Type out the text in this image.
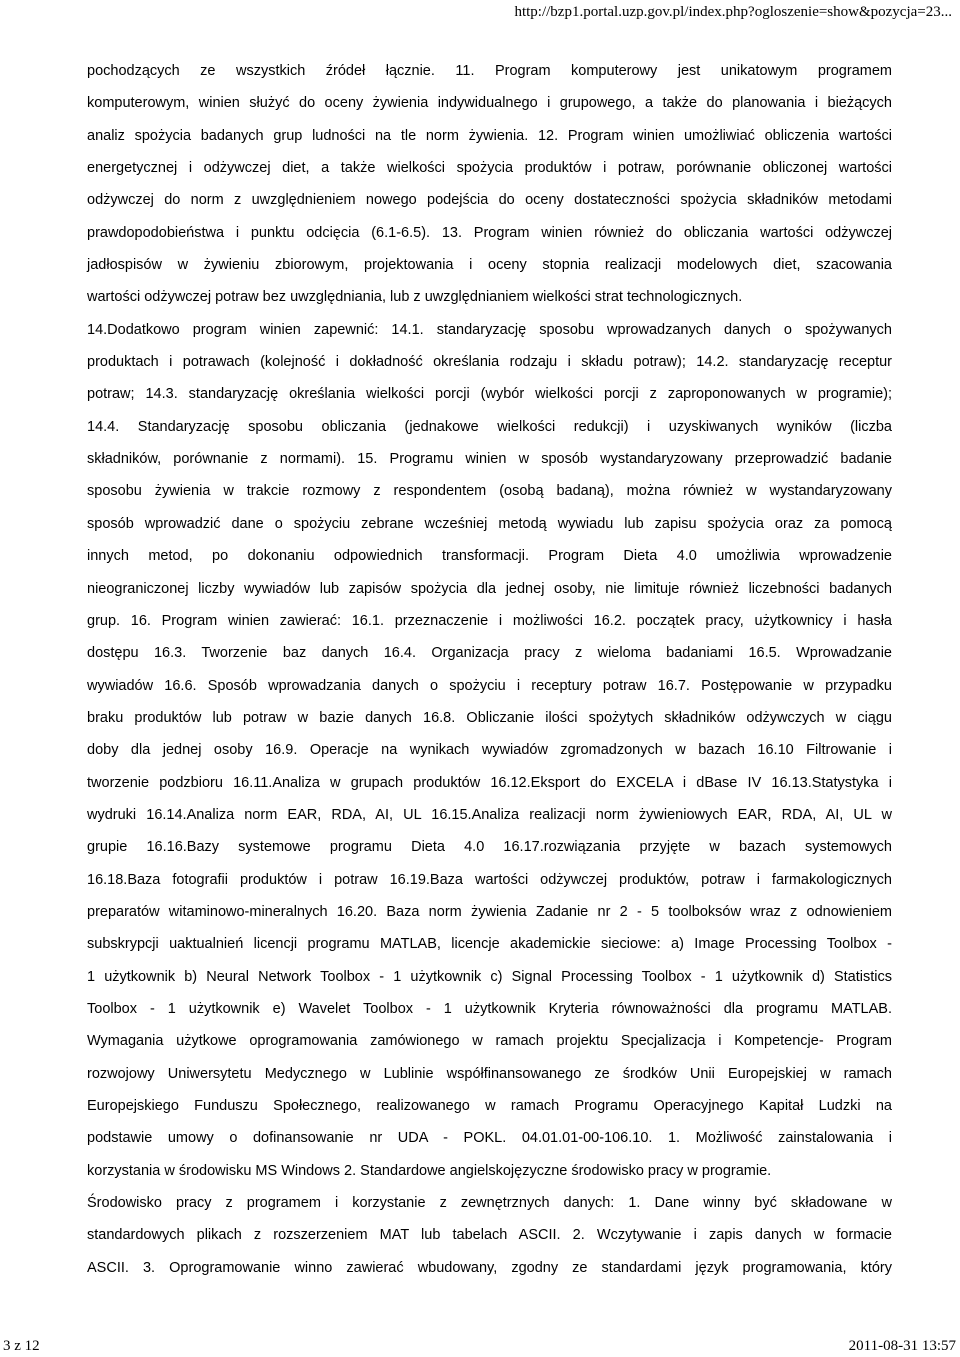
http://bzp1.portal.uzp.gov.pl/index.php?ogloszenie=show&pozycja=23...
pochodzących ze wszystkich źródeł łącznie. 11. Program komputerowy jest unikatowym programem
komputerowym, winien służyć do oceny żywienia indywidualnego i grupowego, a także do planowania i bieżących
analiz spożycia badanych grup ludności na tle norm żywienia. 12. Program winien umożliwiać obliczenia wartości
energetycznej i odżywczej diet, a także wielkości spożycia produktów i potraw, porównanie obliczonej wartości
odżywczej do norm z uwzględnieniem nowego podejścia do oceny dostateczności spożycia składników metodami
prawdopodobieństwa i punktu odcięcia (6.1-6.5). 13. Program winien również do obliczania wartości odżywczej
jadłospisów w żywieniu zbiorowym, projektowania i oceny stopnia realizacji modelowych diet, szacowania
wartości odżywczej potraw bez uwzględniania, lub z uwzględnianiem wielkości strat technologicznych.
14.Dodatkowo program winien zapewnić: 14.1. standaryzację sposobu wprowadzanych danych o spożywanych
produktach i potrawach (kolejność i dokładność określania rodzaju i składu potraw); 14.2. standaryzację receptur
potraw; 14.3. standaryzację określania wielkości porcji (wybór wielkości porcji z zaproponowanych w programie);
14.4. Standaryzację sposobu obliczania (jednakowe wielkości redukcji) i uzyskiwanych wyników (liczba
składników, porównanie z normami). 15. Programu winien w sposób wystandaryzowany przeprowadzić badanie
sposobu żywienia w trakcie rozmowy z respondentem (osobą badaną), można również w wystandaryzowany
sposób wprowadzić dane o spożyciu zebrane wcześniej metodą wywiadu lub zapisu spożycia oraz za pomocą
innych metod, po dokonaniu odpowiednich transformacji. Program Dieta 4.0 umożliwia wprowadzenie
nieograniczonej liczby wywiadów lub zapisów spożycia dla jednej osoby, nie limituje również liczebności badanych
grup. 16. Program winien zawierać: 16.1. przeznaczenie i możliwości 16.2. początek pracy, użytkownicy i hasła
dostępu 16.3. Tworzenie baz danych 16.4. Organizacja pracy z wieloma badaniami 16.5. Wprowadzanie
wywiadów 16.6. Sposób wprowadzania danych o spożyciu i receptury potraw 16.7. Postępowanie w przypadku
braku produktów lub potraw w bazie danych 16.8. Obliczanie ilości spożytych składników odżywczych w ciągu
doby dla jednej osoby 16.9. Operacje na wynikach wywiadów zgromadzonych w bazach 16.10 Filtrowanie i
tworzenie podzbioru 16.11.Analiza w grupach produktów 16.12.Eksport do EXCELA i dBase IV 16.13.Statystyka i
wydruki 16.14.Analiza norm EAR, RDA, AI, UL 16.15.Analiza realizacji norm żywieniowych EAR, RDA, AI, UL w
grupie 16.16.Bazy systemowe programu Dieta 4.0 16.17.rozwiązania przyjęte w bazach systemowych
16.18.Baza fotografii produktów i potraw 16.19.Baza wartości odżywczej produktów, potraw i farmakologicznych
preparatów witaminowo-mineralnych 16.20. Baza norm żywienia Zadanie nr 2 - 5 toolboksów wraz z odnowieniem
subskrypcji uaktualnień licencji programu MATLAB, licencje akademickie sieciowe: a) Image Processing Toolbox -
1 użytkownik b) Neural Network Toolbox - 1 użytkownik c) Signal Processing Toolbox - 1 użytkownik d) Statistics
Toolbox - 1 użytkownik e) Wavelet Toolbox - 1 użytkownik Kryteria równoważności dla programu MATLAB.
Wymagania użytkowe oprogramowania zamówionego w ramach projektu Specjalizacja i Kompetencje- Program
rozwojowy Uniwersytetu Medycznego w Lublinie współfinansowanego ze środków Unii Europejskiej w ramach
Europejskiego Funduszu Społecznego, realizowanego w ramach Programu Operacyjnego Kapitał Ludzki na
podstawie umowy o dofinansowanie nr UDA - POKL. 04.01.01-00-106.10. 1. Możliwość zainstalowania i
korzystania w środowisku MS Windows 2. Standardowe angielskojęzyczne środowisko pracy w programie.
Środowisko pracy z programem i korzystanie z zewnętrznych danych: 1. Dane winny być składowane w
standardowych plikach z rozszerzeniem MAT lub tabelach ASCII. 2. Wczytywanie i zapis danych w formacie
ASCII. 3. Oprogramowanie winno zawierać wbudowany, zgodny ze standardami język programowania, który
3 z 12	2011-08-31 13:57
